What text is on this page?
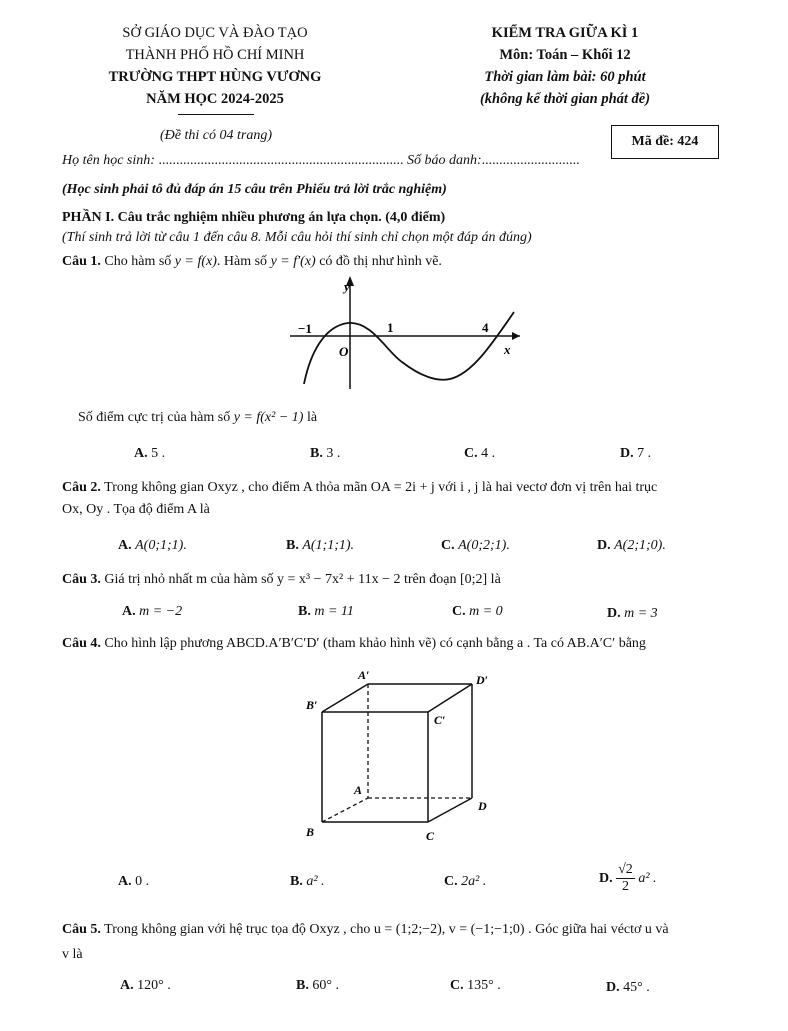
SỞ GIÁO DỤC VÀ ĐÀO TẠO
THÀNH PHỐ HỒ CHÍ MINH
TRƯỜNG THPT HÙNG VƯƠNG
NĂM HỌC 2024-2025
KIỂM TRA GIỮA KÌ 1
Môn: Toán – Khối 12
Thời gian làm bài: 60 phút
(không kể thời gian phát đề)
(Đề thi có 04 trang)	Mã đề: 424
Họ tên học sinh: ...................................................................... Số báo danh:............................
(Học sinh phải tô đủ đáp án 15 câu trên Phiếu trả lời trắc nghiệm)
PHẦN I. Câu trắc nghiệm nhiều phương án lựa chọn. (4,0 điểm)
(Thí sinh trả lời từ câu 1 đến câu 8. Mỗi câu hỏi thí sinh chỉ chọn một đáp án đúng)
Câu 1. Cho hàm số y = f(x). Hàm số y = f′(x) có đồ thị như hình vẽ.
y
x
O
−1	1	4
Số điểm cực trị của hàm số y = f(x² − 1) là
A. 5 .	B. 3 .	C. 4 .	D. 7 .
Câu 2. Trong không gian Oxyz , cho điểm A thỏa mãn OA = 2i + j với i , j là hai vectơ đơn vị trên hai trục
Ox, Oy . Tọa độ điểm A là
A. A(0;1;1).	B. A(1;1;1).	C. A(0;2;1).	D. A(2;1;0).
Câu 3. Giá trị nhỏ nhất m của hàm số y = x³ − 7x² + 11x − 2 trên đoạn [0;2] là
A. m = −2	B. m = 11	C. m = 0	D. m = 3
Câu 4. Cho hình lập phương ABCD.A′B′C′D′ (tham khảo hình vẽ) có cạnh bằng a . Ta có AB.A′C′ bằng
A′	D′
B′
C′
A
D
B	C
A. 0 .	B. a² .	C. 2a² .	D. $\frac{√2}{2} a^2$ .
Câu 5. Trong không gian với hệ trục tọa độ Oxyz , cho u = (1;2;−2), v = (−1;−1;0) . Góc giữa hai véctơ u và
v là
A. 120° .	B. 60° .	C. 135° .	D. 45° .
